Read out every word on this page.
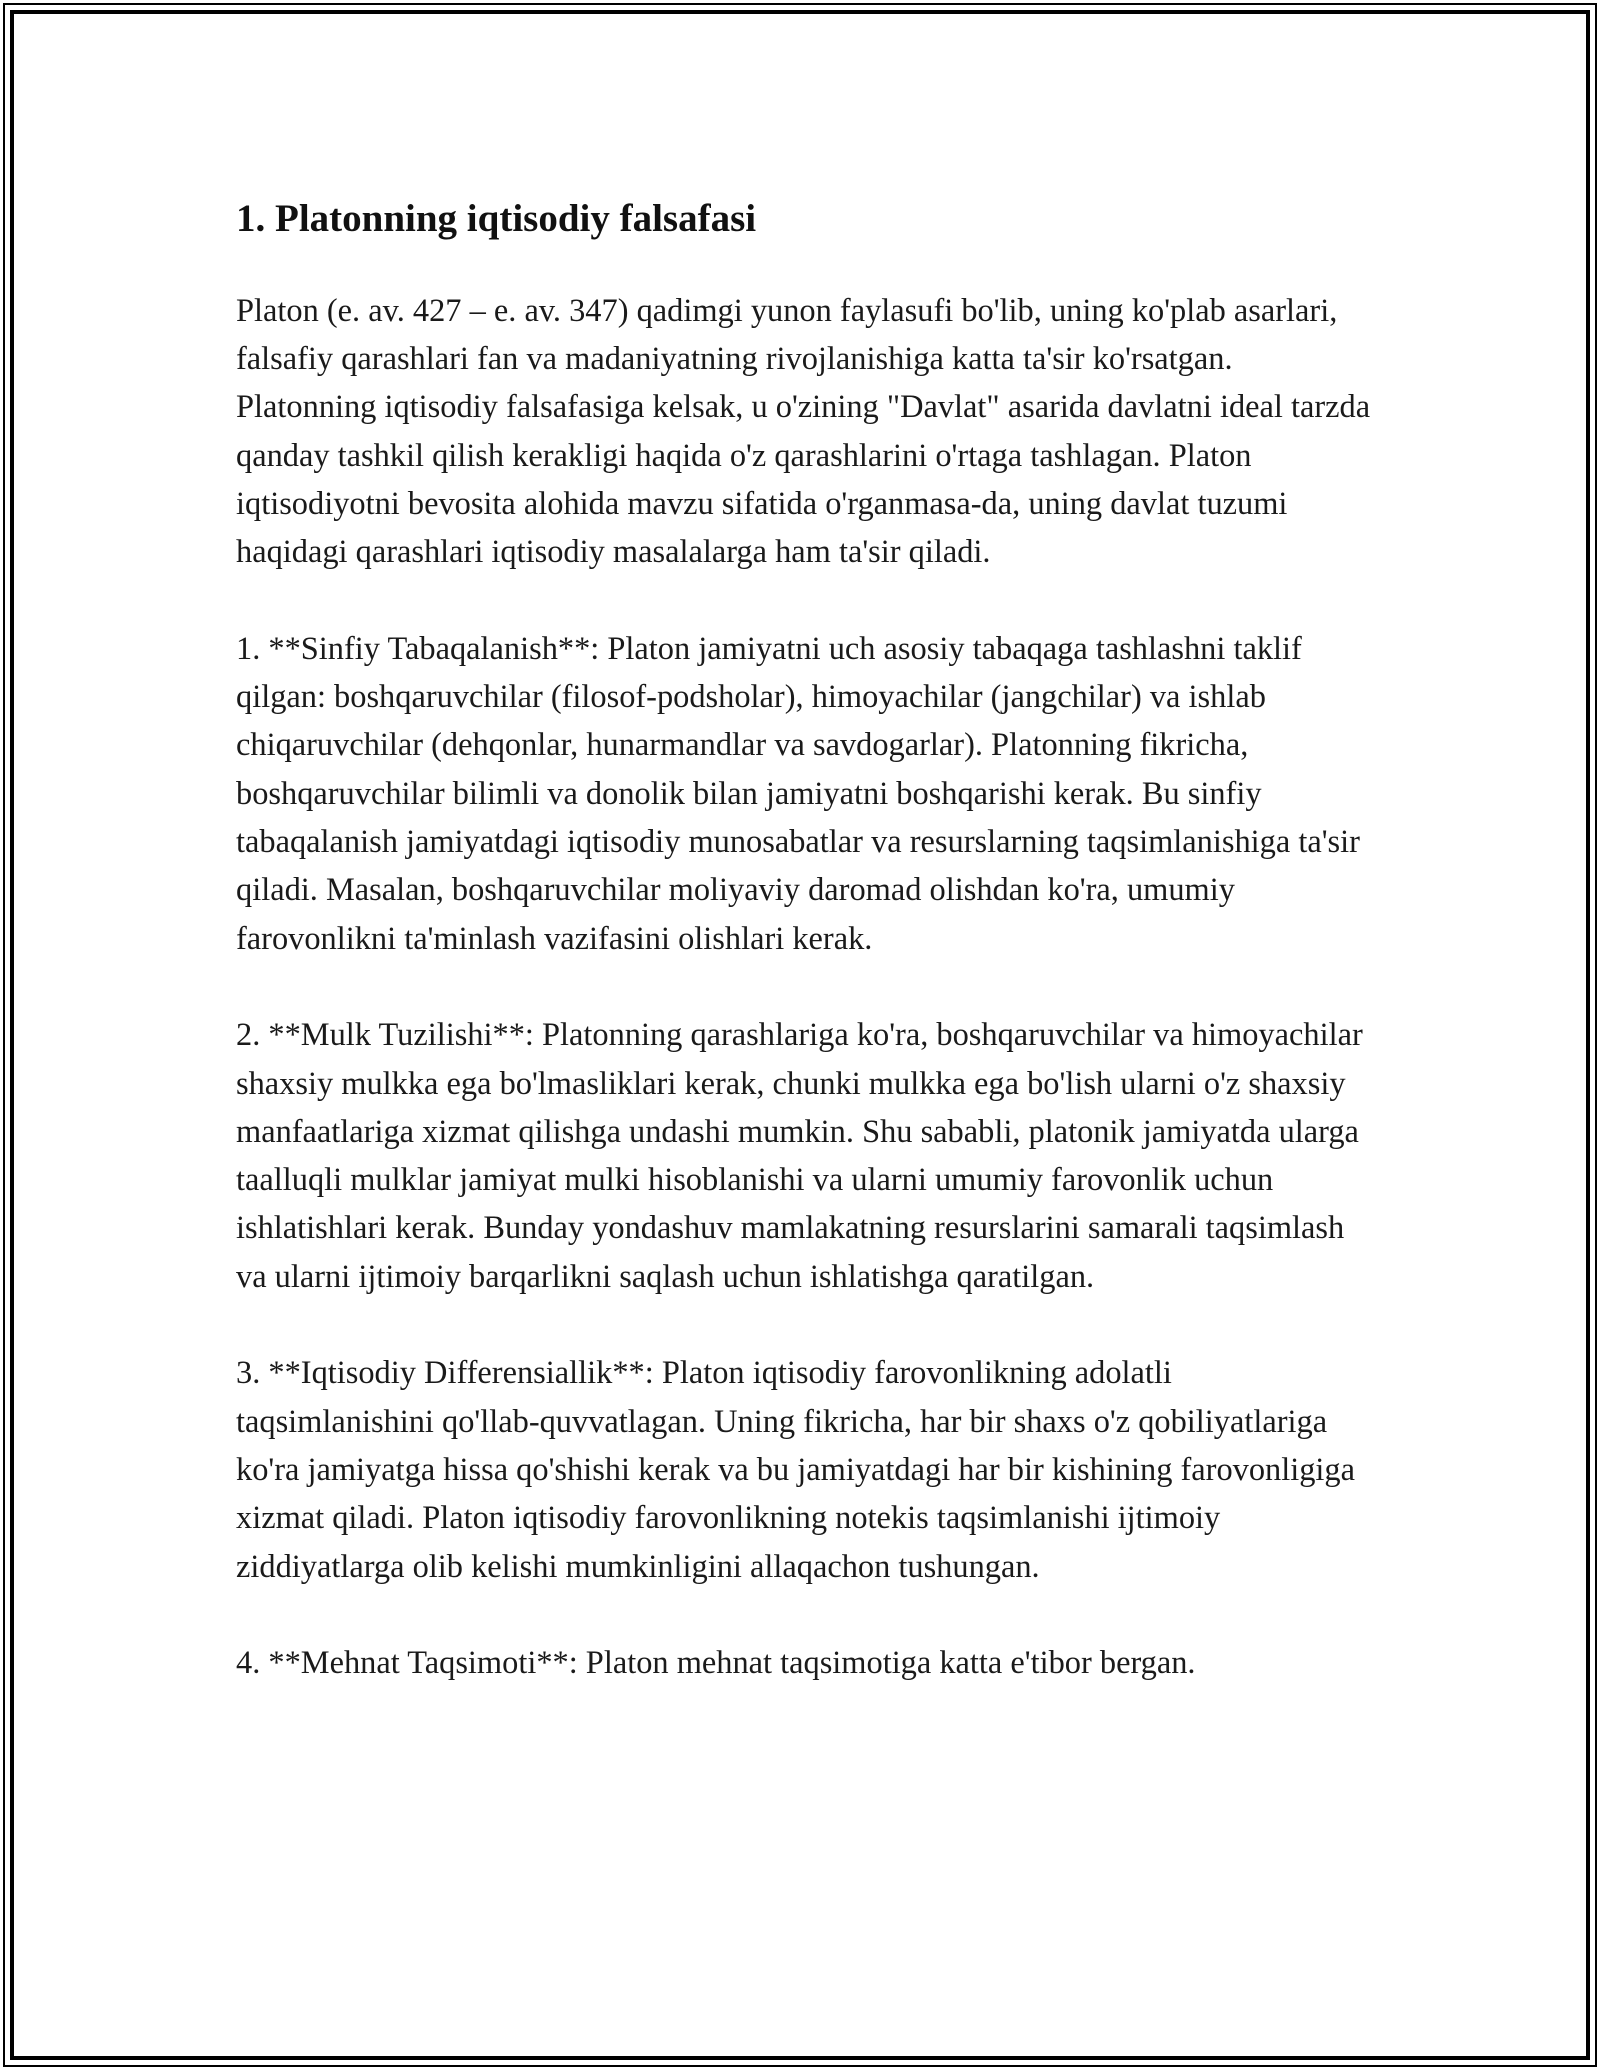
1. Platonning iqtisodiy falsafasi

Platon (e. av. 427 – e. av. 347) qadimgi yunon faylasufi bo'lib, uning ko'plab asarlari, falsafiy qarashlari fan va madaniyatning rivojlanishiga katta ta'sir ko'rsatgan. Platonning iqtisodiy falsafasiga kelsak, u o'zining "Davlat" asarida davlatni ideal tarzda qanday tashkil qilish kerakligi haqida o'z qarashlarini o'rtaga tashlagan. Platon iqtisodiyotni bevosita alohida mavzu sifatida o'rganmasa-da, uning davlat tuzumi haqidagi qarashlari iqtisodiy masalalarga ham ta'sir qiladi.

1. **Sinfiy Tabaqalanish**: Platon jamiyatni uch asosiy tabaqaga tashlashni taklif qilgan: boshqaruvchilar (filosof-podsholar), himoyachilar (jangchilar) va ishlab chiqaruvchilar (dehqonlar, hunarmandlar va savdogarlar). Platonning fikricha, boshqaruvchilar bilimli va donolik bilan jamiyatni boshqarishi kerak. Bu sinfiy tabaqalanish jamiyatdagi iqtisodiy munosabatlar va resurslarning taqsimlanishiga ta'sir qiladi. Masalan, boshqaruvchilar moliyaviy daromad olishdan ko'ra, umumiy farovonlikni ta'minlash vazifasini olishlari kerak.

2. **Mulk Tuzilishi**: Platonning qarashlariga ko'ra, boshqaruvchilar va himoyachilar shaxsiy mulkka ega bo'lmasliklari kerak, chunki mulkka ega bo'lish ularni o'z shaxsiy manfaatlariga xizmat qilishga undashi mumkin. Shu sababli, platonik jamiyatda ularga taalluqli mulklar jamiyat mulki hisoblanishi va ularni umumiy farovonlik uchun ishlatishlari kerak. Bunday yondashuv mamlakatning resurslarini samarali taqsimlash va ularni ijtimoiy barqarlikni saqlash uchun ishlatishga qaratilgan.

3. **Iqtisodiy Differensiallik**: Platon iqtisodiy farovonlikning adolatli taqsimlanishini qo'llab-quvvatlagan. Uning fikricha, har bir shaxs o'z qobiliyatlariga ko'ra jamiyatga hissa qo'shishi kerak va bu jamiyatdagi har bir kishining farovonligiga xizmat qiladi. Platon iqtisodiy farovonlikning notekis taqsimlanishi ijtimoiy ziddiyatlarga olib kelishi mumkinligini allaqachon tushungan.

4. **Mehnat Taqsimoti**: Platon mehnat taqsimotiga katta e'tibor bergan.
